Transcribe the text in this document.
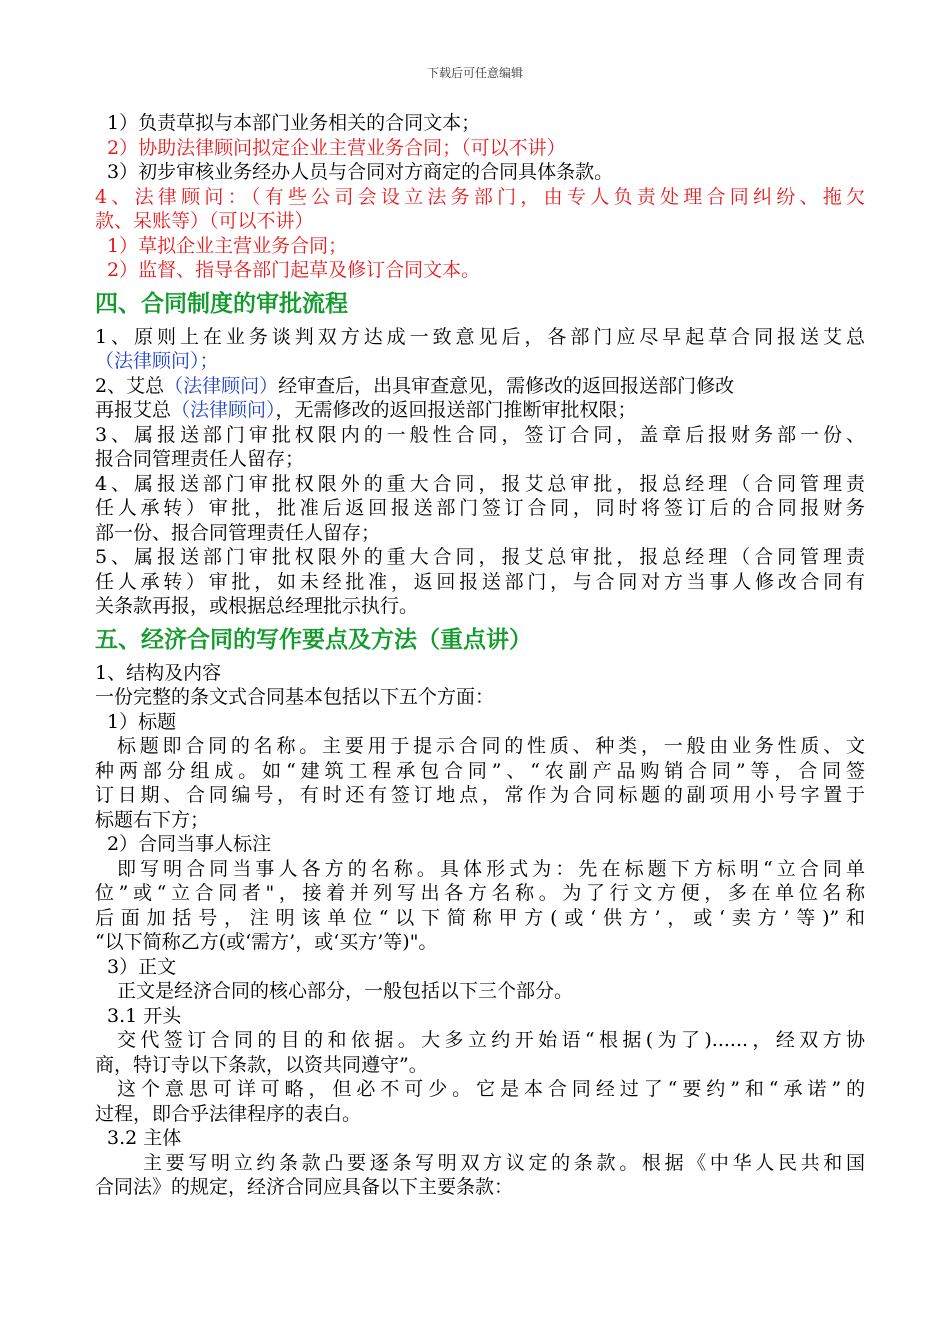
下载后可任意编辑
1）负责草拟与本部门业务相关的合同文本；
2）协助法律顾问拟定企业主营业务合同；（可以不讲）
3）初步审核业务经办人员与合同对方商定的合同具体条款。
4、法律顾问：（有些公司会设立法务部门，由专人负责处理合同纠纷、拖欠
款、呆账等）（可以不讲）
1）草拟企业主营业务合同；
2）监督、指导各部门起草及修订合同文本。
四、合同制度的审批流程
1、原则上在业务谈判双方达成一致意见后，各部门应尽早起草合同报送艾总
（法律顾问）；
2、艾总（法律顾问）经审查后，出具审查意见，需修改的返回报送部门修改
再报艾总（法律顾问），无需修改的返回报送部门推断审批权限；
3、属报送部门审批权限内的一般性合同，签订合同，盖章后报财务部一份、
报合同管理责任人留存；
4、属报送部门审批权限外的重大合同，报艾总审批，报总经理（合同管理责
任人承转）审批，批准后返回报送部门签订合同，同时将签订后的合同报财务
部一份、报合同管理责任人留存；
5、属报送部门审批权限外的重大合同，报艾总审批，报总经理（合同管理责
任人承转）审批，如未经批准，返回报送部门，与合同对方当事人修改合同有
关条款再报，或根据总经理批示执行。
五、经济合同的写作要点及方法（重点讲）
1、结构及内容
一份完整的条文式合同基本包括以下五个方面：
1）标题
标题即合同的名称。主要用于提示合同的性质、种类，一般由业务性质、文
种两部分组成。如“建筑工程承包合同”、“农副产品购销合同”等，合同签
订日期、合同编号，有时还有签订地点，常作为合同标题的副项用小号字置于
标题右下方；
2）合同当事人标注
即写明合同当事人各方的名称。具体形式为：先在标题下方标明“立合同单
位”或“立合同者"，接着并列写出各方名称。为了行文方便，多在单位名称
后面加括号，注明该单位“以下简称甲方(或‘供方’，或‘卖方’等)”和
“以下简称乙方(或‘需方’，或‘买方’等)"。
3）正文
正文是经济合同的核心部分，一般包括以下三个部分。
3.1 开头
交代签订合同的目的和依据。大多立约开始语“根据(为了)......，经双方协
商，特订寺以下条款，以资共同遵守”。
这个意思可详可略，但必不可少。它是本合同经过了“要约”和“承诺”的
过程，即合乎法律程序的表白。
3.2 主体
主要写明立约条款凸要逐条写明双方议定的条款。根据《中华人民共和国
合同法》的规定，经济合同应具备以下主要条款：
